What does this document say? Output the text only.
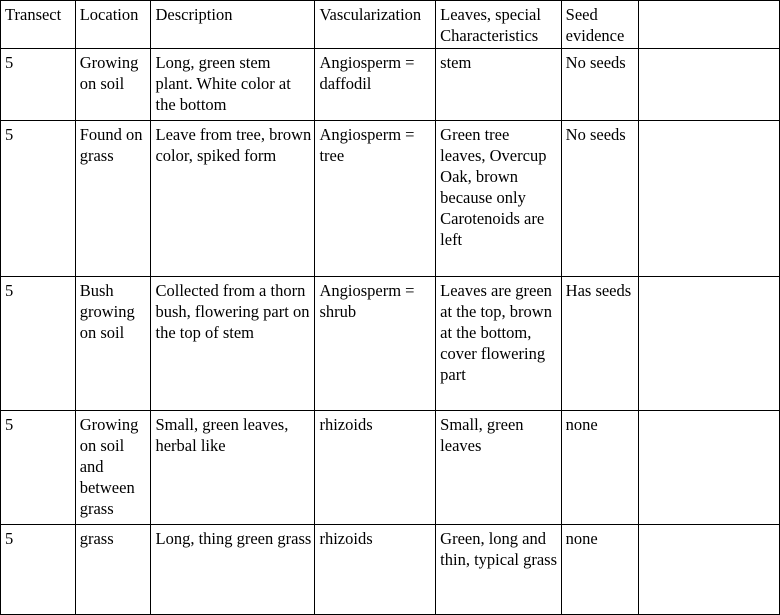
Transect	Location	Description	Vascularization	Leaves, special Characteristics	Seed evidence	
5	Growing on soil	Long, green stem plant. White color at the bottom	Angiosperm = daffodil	stem	No seeds	
5	Found on grass	Leave from tree, brown color, spiked form	Angiosperm = tree	Green tree leaves, Overcup Oak, brown because only Carotenoids are left	No seeds	
5	Bush growing on soil	Collected from a thorn bush, flowering part on the top of stem	Angiosperm = shrub	Leaves are green at the top, brown at the bottom, cover flowering part	Has seeds	
5	Growing on soil and between grass	Small, green leaves, herbal like	rhizoids	Small, green leaves	none	
5	grass	Long, thing green grass	rhizoids	Green, long and thin, typical grass	none	
